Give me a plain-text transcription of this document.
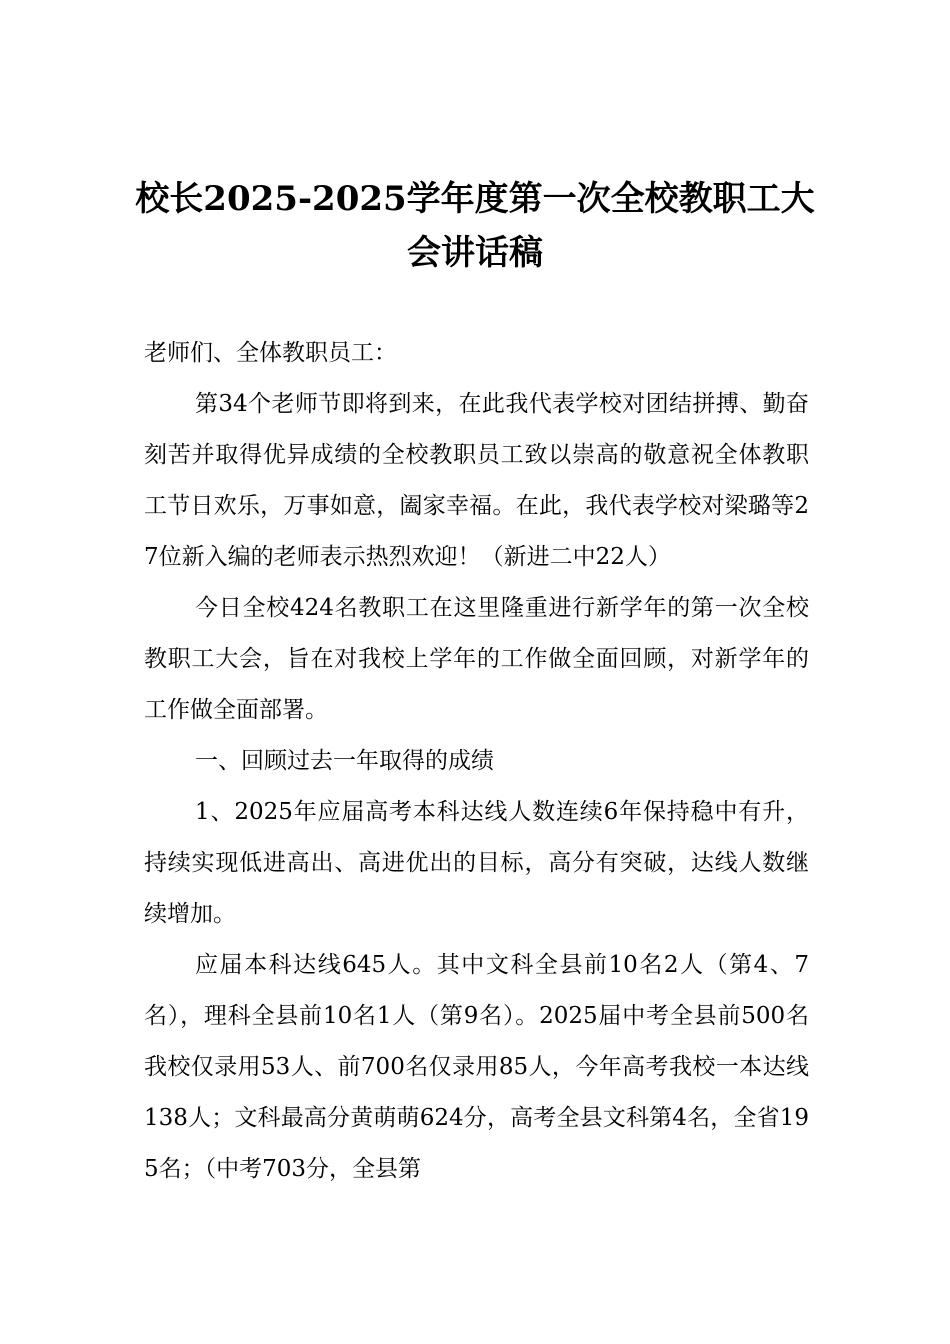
校长2025-2025学年度第一次全校教职工大
会讲话稿

老师们、全体教职员工：

第34个老师节即将到来，在此我代表学校对团结拼搏、勤奋刻苦并取得优异成绩的全校教职员工致以崇高的敬意祝全体教职工节日欢乐，万事如意，阖家幸福。在此，我代表学校对梁璐等27位新入编的老师表示热烈欢迎！（新进二中22人）

今日全校424名教职工在这里隆重进行新学年的第一次全校教职工大会，旨在对我校上学年的工作做全面回顾，对新学年的工作做全面部署。

一、回顾过去一年取得的成绩

1、2025年应届高考本科达线人数连续6年保持稳中有升，持续实现低进高出、高进优出的目标，高分有突破，达线人数继续增加。

应届本科达线645人。其中文科全县前10名2人（第4、7名），理科全县前10名1人（第9名）。2025届中考全县前500名我校仅录用53人、前700名仅录用85人，今年高考我校一本达线138人；文科最高分黄萌萌624分，高考全县文科第4名，全省195名；（中考703分，全县第
